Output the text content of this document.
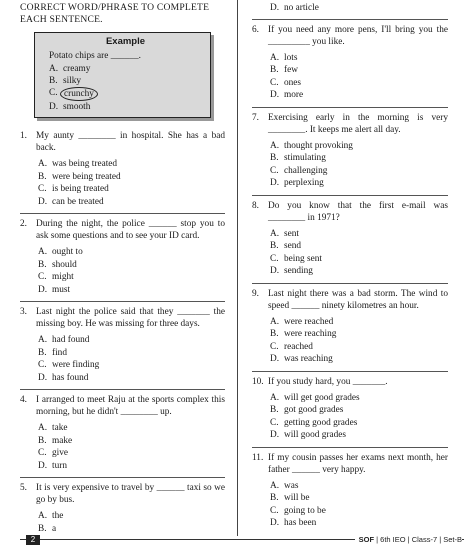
CORRECT WORD/PHRASE TO COMPLETE
EACH SENTENCE.
Example
Potato chips are ______.
A. creamy
B. silky
C. crunchy
D. smooth
1. My aunty ________ in hospital. She has a bad back.
A. was being treated
B. were being treated
C. is being treated
D. can be treated
2. During the night, the police ______ stop you to ask some questions and to see your ID card.
A. ought to
B. should
C. might
D. must
3. Last night the police said that they _______ the missing boy. He was missing for three days.
A. had found
B. find
C. were finding
D. has found
4. I arranged to meet Raju at the sports complex this morning, but he didn't ________ up.
A. take
B. make
C. give
D. turn
5. It is very expensive to travel by ______ taxi so we go by bus.
A. the
B. a
D. no article
6. If you need any more pens, I'll bring you the _________ you like.
A. lots
B. few
C. ones
D. more
7. Exercising early in the morning is very ________. It keeps me alert all day.
A. thought provoking
B. stimulating
C. challenging
D. perplexing
8. Do you know that the first e-mail was ________ in 1971?
A. sent
B. send
C. being sent
D. sending
9. Last night there was a bad storm. The wind to speed ______ ninety kilometres an hour.
A. were reached
B. were reaching
C. reached
D. was reaching
10. If you study hard, you _______.
A. will get good grades
B. got good grades
C. getting good grades
D. will good grades
11. If my cousin passes her exams next month, her father ______ very happy.
A. was
B. will be
C. going to be
D. has been
2	SOF | 6th IEO | Class-7 | Set-B
